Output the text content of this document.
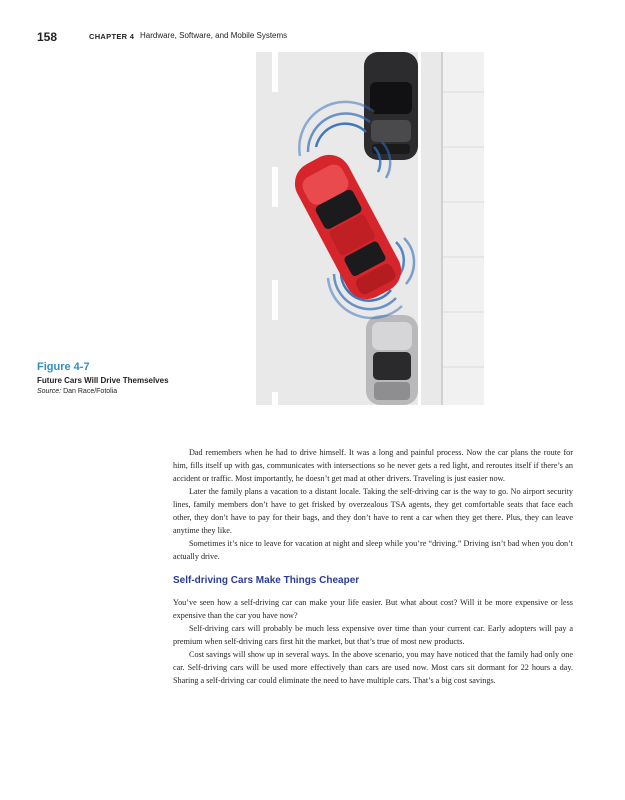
158	CHAPTER 4 Hardware, Software, and Mobile Systems
Figure 4-7
Future Cars Will Drive Themselves
Source: Dan Race/Fotolia

Dad remembers when he had to drive himself. It was a long and painful process. Now the car plans the route for him, fills itself up with gas, communicates with intersections so he never gets a red light, and reroutes itself if there’s an accident or traffic. Most importantly, he doesn’t get mad at other drivers. Traveling is just easier now.

Later the family plans a vacation to a distant locale. Taking the self-driving car is the way to go. No airport security lines, family members don’t have to get frisked by overzealous TSA agents, they get comfortable seats that face each other, they don’t have to pay for their bags, and they don’t have to rent a car when they get there. Plus, they can leave anytime they like.

Sometimes it’s nice to leave for vacation at night and sleep while you’re “driving.” Driving isn’t bad when you don’t actually drive.

Self-driving Cars Make Things Cheaper

You’ve seen how a self-driving car can make your life easier. But what about cost? Will it be more expensive or less expensive than the car you have now?

Self-driving cars will probably be much less expensive over time than your current car. Early adopters will pay a premium when self-driving cars first hit the market, but that’s true of most new products.

Cost savings will show up in several ways. In the above scenario, you may have noticed that the family had only one car. Self-driving cars will be used more effectively than cars are used now. Most cars sit dormant for 22 hours a day. Sharing a self-driving car could eliminate the need to have multiple cars. That’s a big cost savings.
